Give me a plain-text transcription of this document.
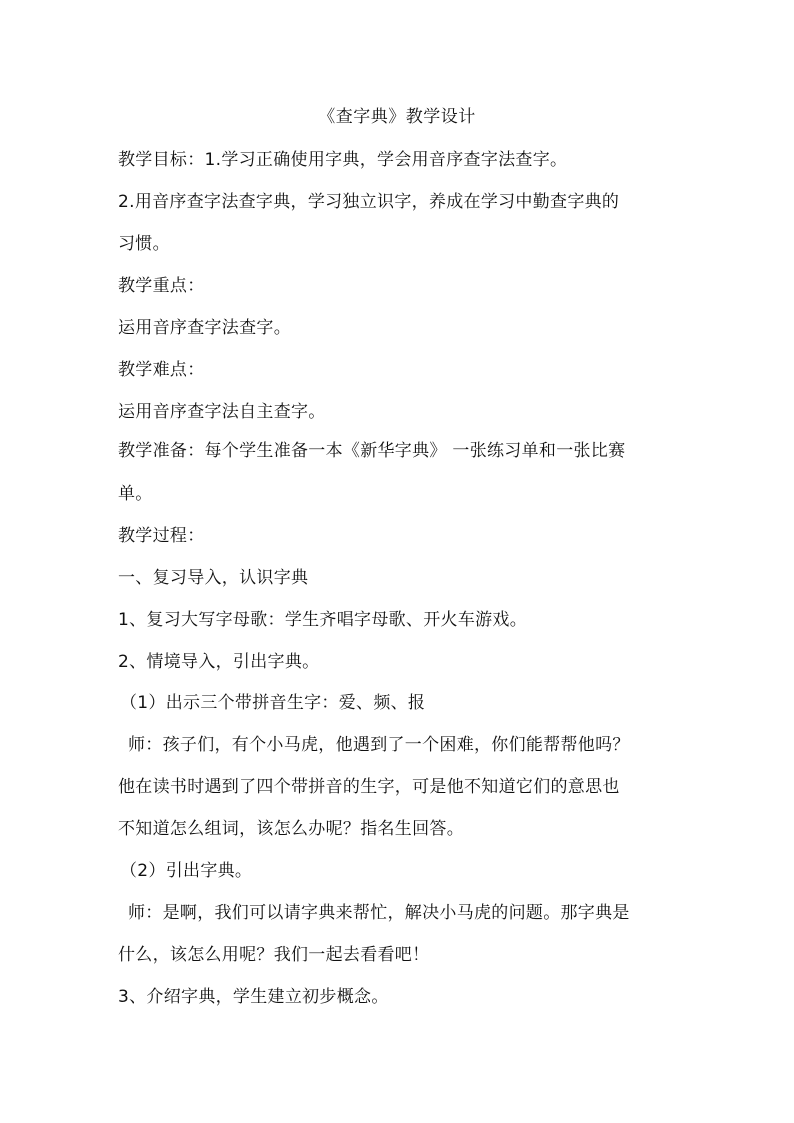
《查字典》教学设计
教学目标：1.学习正确使用字典，学会用音序查字法查字。
2.用音序查字法查字典，学习独立识字，养成在学习中勤查字典的
习惯。
教学重点：
运用音序查字法查字。
教学难点：
运用音序查字法自主查字。
教学准备：每个学生准备一本《新华字典》 一张练习单和一张比赛
单。
教学过程：
一、复习导入，认识字典
1、复习大写字母歌：学生齐唱字母歌、开火车游戏。
2、情境导入，引出字典。
（1）出示三个带拼音生字：爱、频、报
师：孩子们，有个小马虎，他遇到了一个困难，你们能帮帮他吗？
他在读书时遇到了四个带拼音的生字，可是他不知道它们的意思也
不知道怎么组词，该怎么办呢？指名生回答。
（2）引出字典。
师：是啊，我们可以请字典来帮忙，解决小马虎的问题。那字典是
什么，该怎么用呢？我们一起去看看吧！
3、介绍字典，学生建立初步概念。
